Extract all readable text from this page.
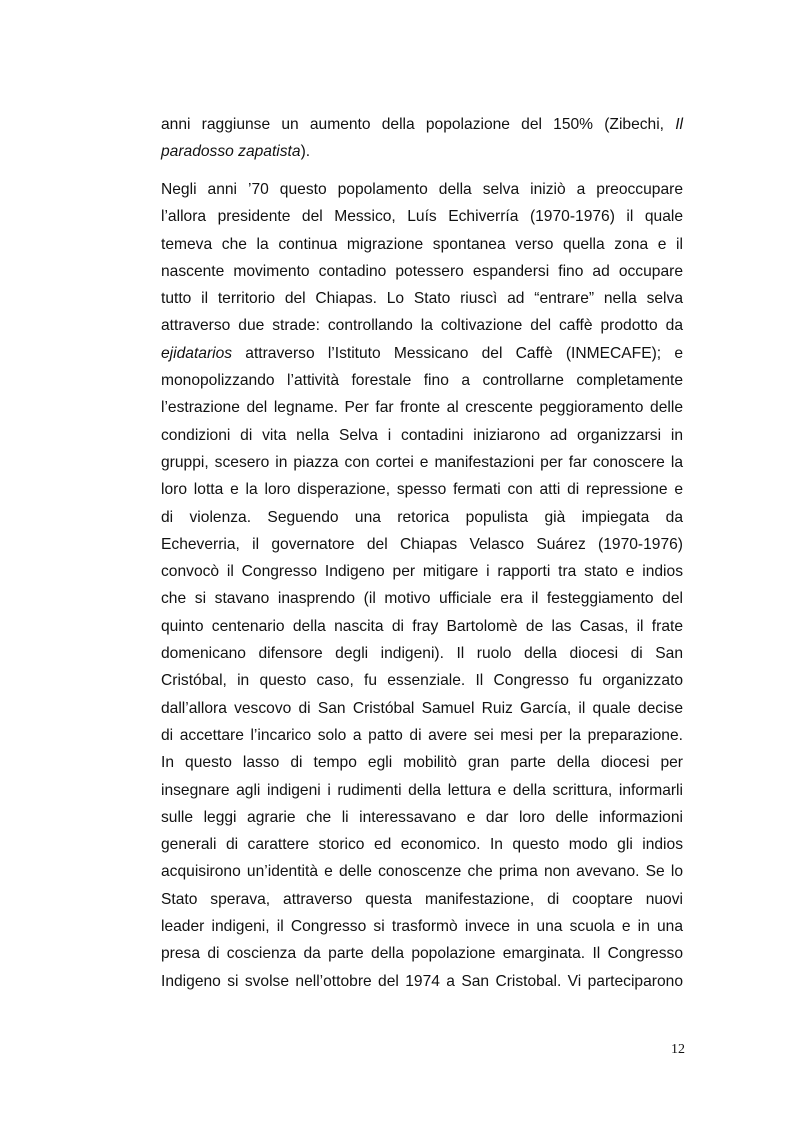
anni raggiunse un aumento della popolazione del 150% (Zibechi, Il
paradosso zapatista).

Negli anni ’70 questo popolamento della selva iniziò a preoccupare
l’allora presidente del Messico, Luís Echiverría (1970-1976) il quale
temeva che la continua migrazione spontanea verso quella zona e il
nascente movimento contadino potessero espandersi fino ad occupare
tutto il territorio del Chiapas. Lo Stato riuscì ad “entrare” nella selva
attraverso due strade: controllando la coltivazione del caffè prodotto da
ejidatarios attraverso l’Istituto Messicano del Caffè (INMECAFE); e
monopolizzando l’attività forestale fino a controllarne completamente
l’estrazione del legname. Per far fronte al crescente peggioramento delle
condizioni di vita nella Selva i contadini iniziarono ad organizzarsi in
gruppi, scesero in piazza con cortei e manifestazioni per far conoscere la
loro lotta e la loro disperazione, spesso fermati con atti di repressione e
di violenza. Seguendo una retorica populista già impiegata da
Echeverria, il governatore del Chiapas Velasco Suárez (1970-1976)
convocò il Congresso Indigeno per mitigare i rapporti tra stato e indios
che si stavano inasprendo (il motivo ufficiale era il festeggiamento del
quinto centenario della nascita di fray Bartolomè de las Casas, il frate
domenicano difensore degli indigeni). Il ruolo della diocesi di San
Cristóbal, in questo caso, fu essenziale. Il Congresso fu organizzato
dall’allora vescovo di San Cristóbal Samuel Ruiz García, il quale decise
di accettare l’incarico solo a patto di avere sei mesi per la preparazione.
In questo lasso di tempo egli mobilitò gran parte della diocesi per
insegnare agli indigeni i rudimenti della lettura e della scrittura, informarli
sulle leggi agrarie che li interessavano e dar loro delle informazioni
generali di carattere storico ed economico. In questo modo gli indios
acquisirono un’identità e delle conoscenze che prima non avevano. Se lo
Stato sperava, attraverso questa manifestazione, di cooptare nuovi
leader indigeni, il Congresso si trasformò invece in una scuola e in una
presa di coscienza da parte della popolazione emarginata. Il Congresso
Indigeno si svolse nell’ottobre del 1974 a San Cristobal. Vi parteciparono

12
